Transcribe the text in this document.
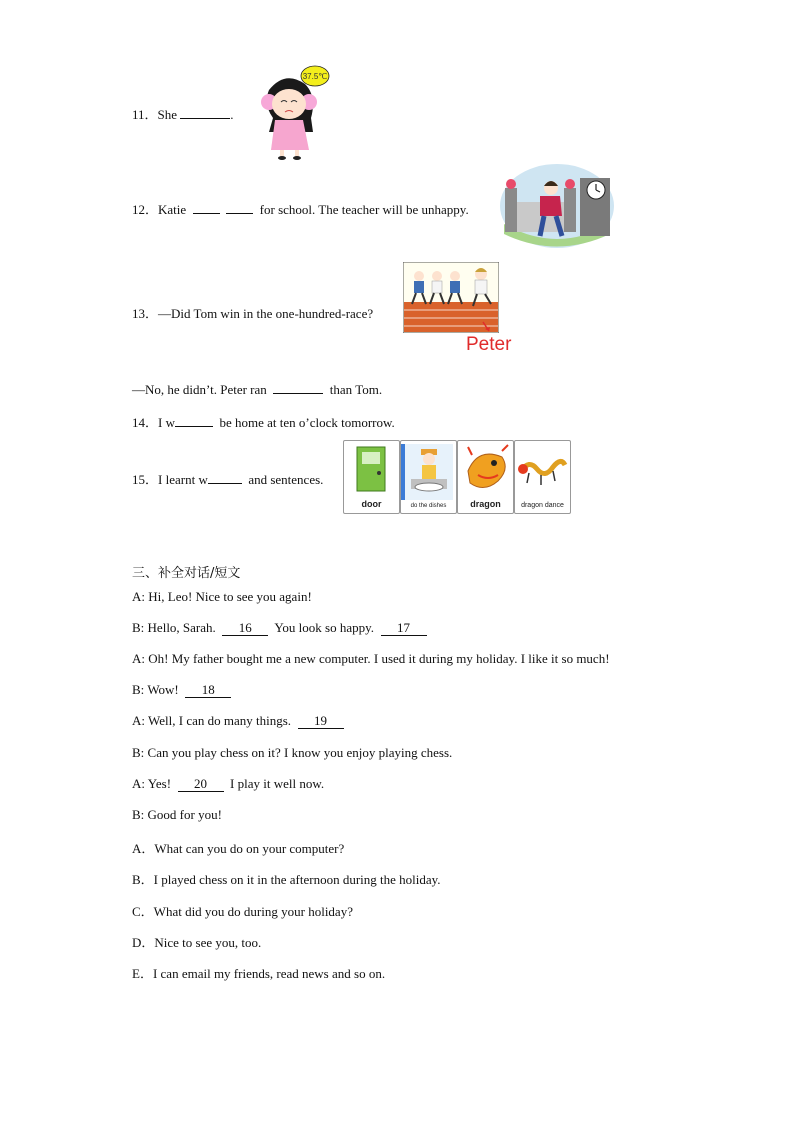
11．She	.
37.5℃
12．Katie	for school. The teacher will be unhappy.
13．—Did Tom win in the one-hundred-race?
Peter
—No, he didn’t. Peter ran	than Tom.
14．I w	be home at ten o’clock tomorrow.
15．I learnt w	and sentences.
door	do the dishes	dragon	dragon dance
三、补全对话/短文
A: Hi, Leo! Nice to see you again!
B: Hello, Sarah. 16 You look so happy. 17
A: Oh! My father bought me a new computer. I used it during my holiday. I like it so much!
B: Wow! 18
A: Well, I can do many things. 19
B: Can you play chess on it? I know you enjoy playing chess.
A: Yes! 20 I play it well now.
B: Good for you!
A．What can you do on your computer?
B．I played chess on it in the afternoon during the holiday.
C．What did you do during your holiday?
D．Nice to see you, too.
E．I can email my friends, read news and so on.
